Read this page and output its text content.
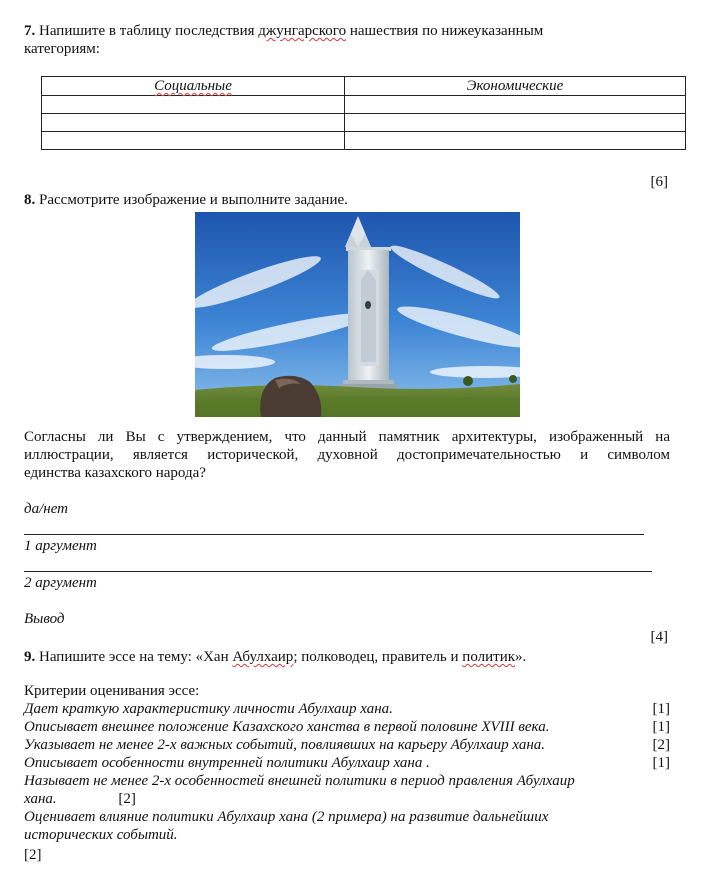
7. Напишите в таблицу последствия джунгарского нашествия по нижеуказанным
категориям:
Социальные	Экономические

[6]
8. Рассмотрите изображение и выполните задание.
Согласны ли Вы с утверждением, что данный памятник архитектуры, изображенный на
иллюстрации, является исторической, духовной достопримечательностью и символом
единства казахского народа?
да/нет
1 аргумент
2 аргумент
Вывод
[4]
9. Напишите эссе на тему: «Хан Абулхаир; полководец, правитель и политик».
Критерии оценивания эссе:
Дает краткую характеристику личности Абулхаир хана.	[1]
Описывает внешнее положение Казахского ханства в первой половине XVIII века.	[1]
Указывает не менее 2-х важных событий, повлиявших на карьеру Абулхаир хана.	[2]
Описывает особенности внутренней политики Абулхаир хана .	[1]
Называет не менее 2-х особенностей внешней политики в период правления Абулхаир
хана.	[2]
Оценивает влияние политики Абулхаир хана (2 примера) на развитие дальнейших
исторических событий.
[2]
